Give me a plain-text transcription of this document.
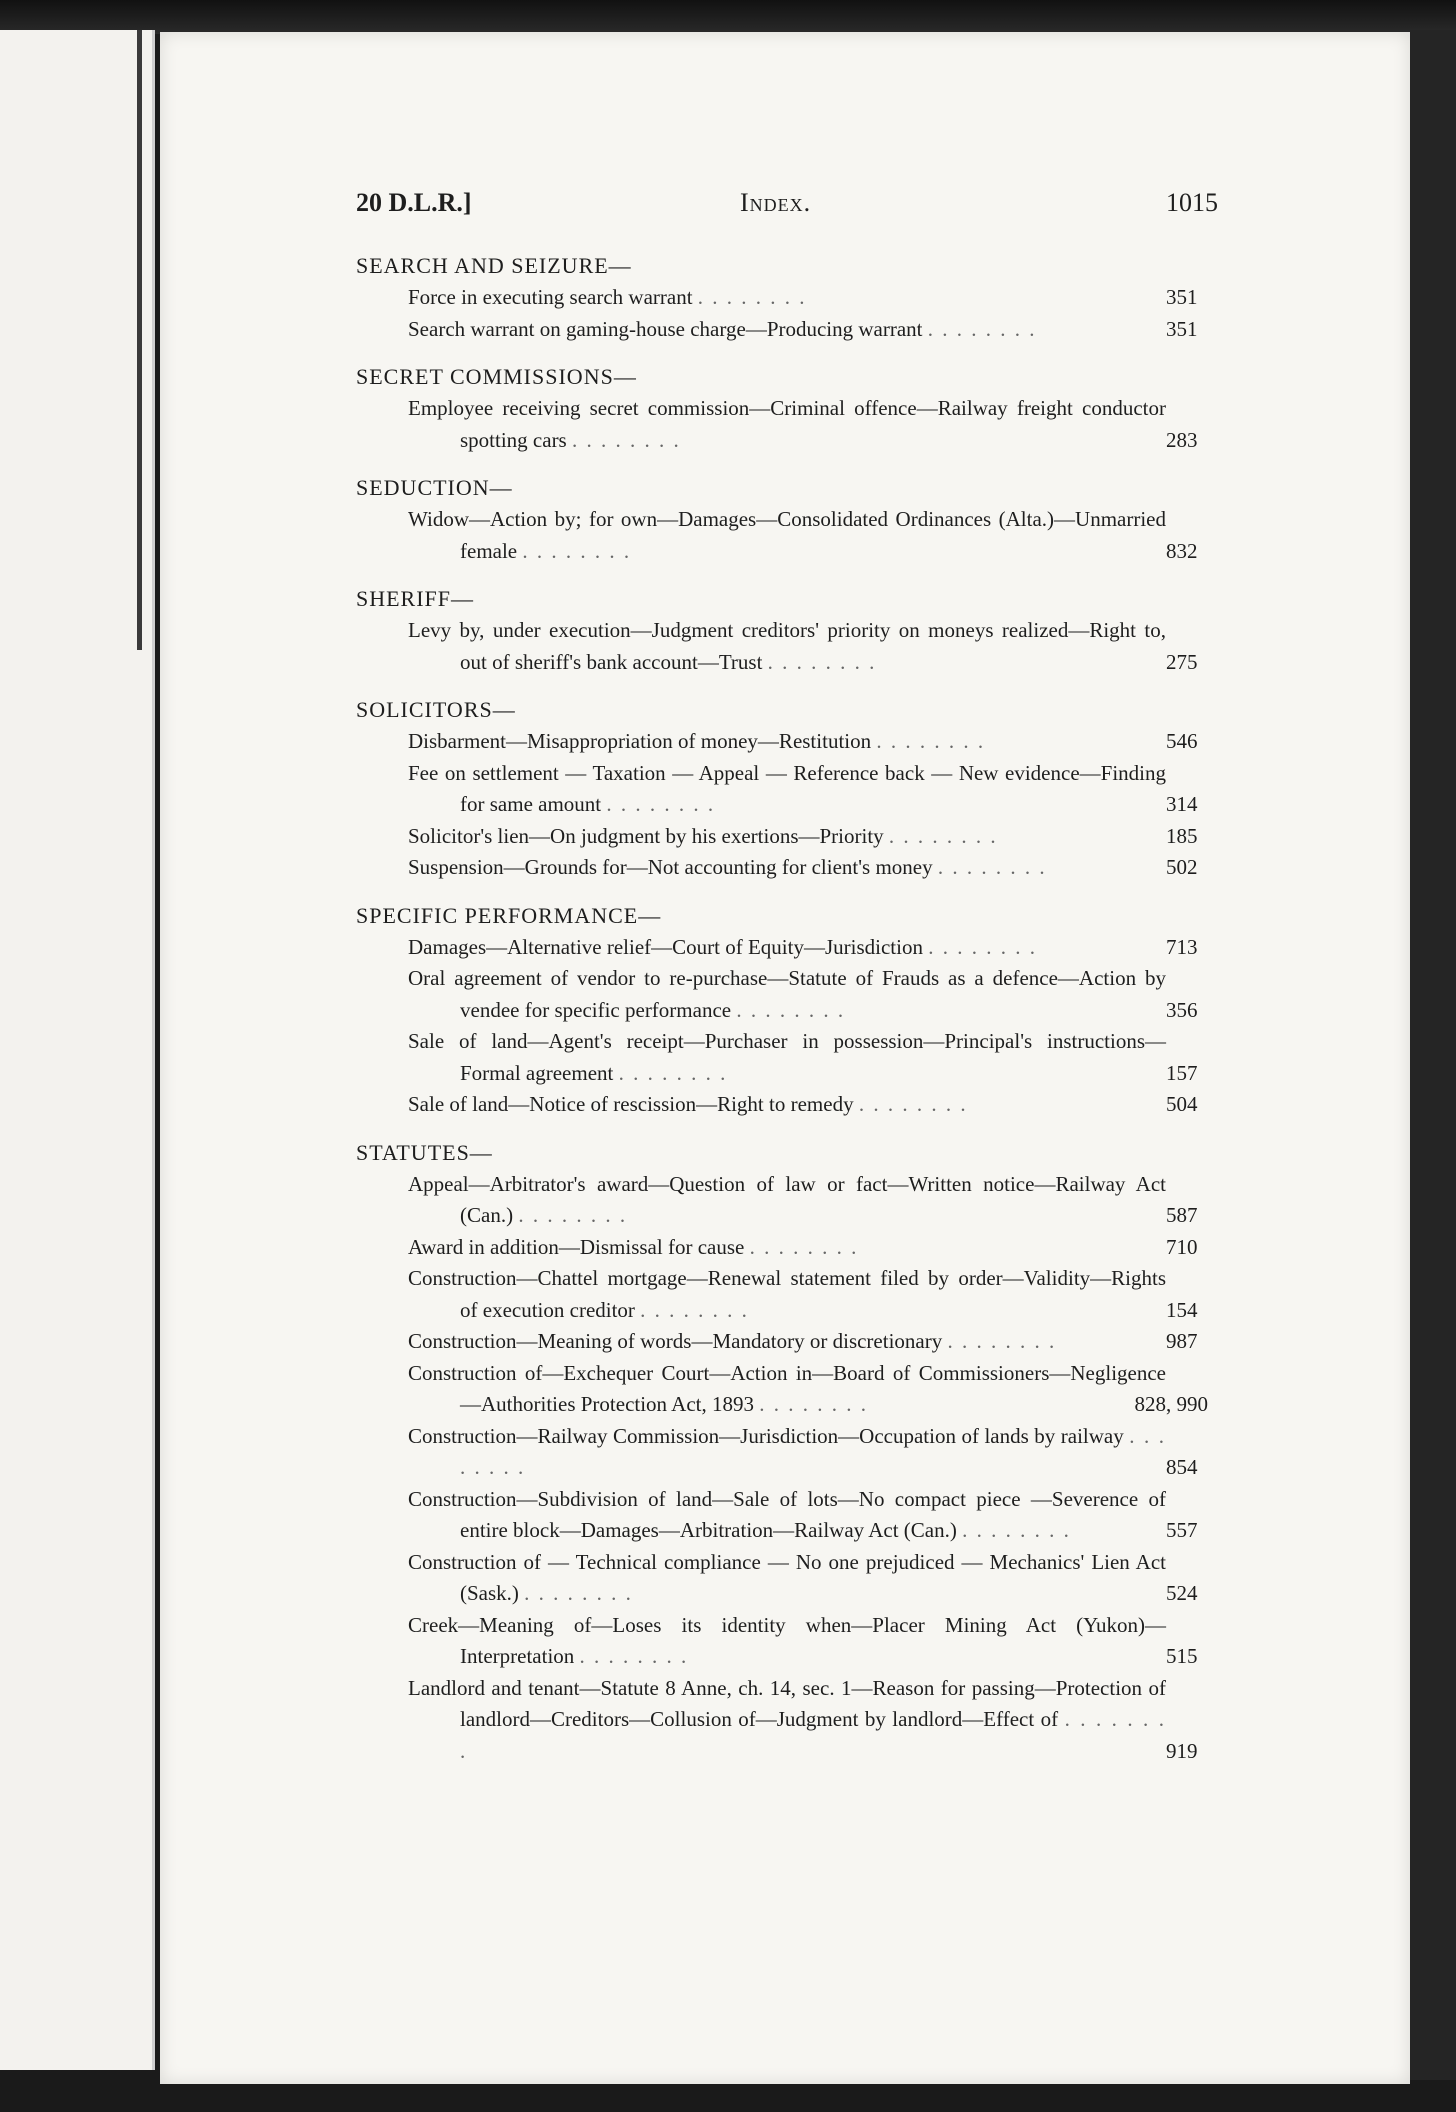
20 D.L.R.]	Index.	1015
SEARCH AND SEIZURE—
Force in executing search warrant . . . . . . . .	351
Search warrant on gaming-house charge—Producing warrant . . . . . . . .	351
SECRET COMMISSIONS—
Employee receiving secret commission—Criminal offence—Railway freight conductor spotting cars . . . . . . . .	283
SEDUCTION—
Widow—Action by; for own—Damages—Consolidated Ordinances (Alta.)—Unmarried female . . . . . . . .	832
SHERIFF—
Levy by, under execution—Judgment creditors' priority on moneys realized—Right to, out of sheriff's bank account—Trust . . . . . . . .	275
SOLICITORS—
Disbarment—Misappropriation of money—Restitution . . . . . . . .	546
Fee on settlement — Taxation — Appeal — Reference back — New evidence—Finding for same amount . . . . . . . .	314
Solicitor's lien—On judgment by his exertions—Priority . . . . . . . .	185
Suspension—Grounds for—Not accounting for client's money . . . . . . . .	502
SPECIFIC PERFORMANCE—
Damages—Alternative relief—Court of Equity—Jurisdiction . . . . . . . .	713
Oral agreement of vendor to re-purchase—Statute of Frauds as a defence—Action by vendee for specific performance . . . . . . . .	356
Sale of land—Agent's receipt—Purchaser in possession—Principal's instructions—Formal agreement . . . . . . . .	157
Sale of land—Notice of rescission—Right to remedy . . . . . . . .	504
STATUTES—
Appeal—Arbitrator's award—Question of law or fact—Written notice—Railway Act (Can.) . . . . . . . .	587
Award in addition—Dismissal for cause . . . . . . . .	710
Construction—Chattel mortgage—Renewal statement filed by order—Validity—Rights of execution creditor . . . . . . . .	154
Construction—Meaning of words—Mandatory or discretionary . . . . . . . .	987
Construction of—Exchequer Court—Action in—Board of Commissioners—Negligence—Authorities Protection Act, 1893 . . . . . . . .	828, 990
Construction—Railway Commission—Jurisdiction—Occupation of lands by railway . . . . . . . .	854
Construction—Subdivision of land—Sale of lots—No compact piece —Severence of entire block—Damages—Arbitration—Railway Act (Can.) . . . . . . . .	557
Construction of — Technical compliance — No one prejudiced — Mechanics' Lien Act (Sask.) . . . . . . . .	524
Creek—Meaning of—Loses its identity when—Placer Mining Act (Yukon)—Interpretation . . . . . . . .	515
Landlord and tenant—Statute 8 Anne, ch. 14, sec. 1—Reason for passing—Protection of landlord—Creditors—Collusion of—Judgment by landlord—Effect of . . . . . . . .	919
